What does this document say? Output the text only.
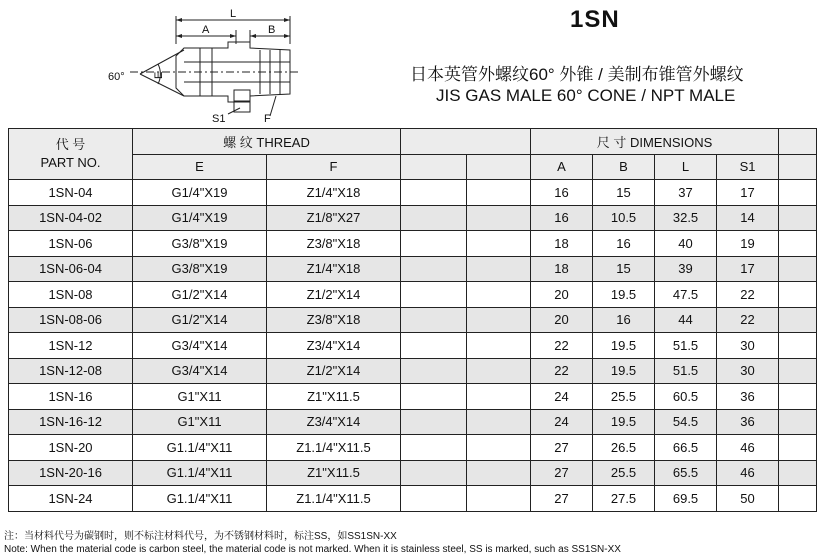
L
A	B
E
60°
S1	F
1SN
日本英管外螺纹60° 外锥 / 美制布锥管外螺纹
JIS GAS MALE 60° CONE / NPT MALE
代 号
PART NO.	螺 纹 THREAD				尺 寸 DIMENSIONS				
	E	F			A	B	L	S1	
1SN-04	G1/4"X19	Z1/4"X18			16	15	37	17	
1SN-04-02	G1/4"X19	Z1/8"X27			16	10.5	32.5	14	
1SN-06	G3/8"X19	Z3/8"X18			18	16	40	19	
1SN-06-04	G3/8"X19	Z1/4"X18			18	15	39	17	
1SN-08	G1/2"X14	Z1/2"X14			20	19.5	47.5	22	
1SN-08-06	G1/2"X14	Z3/8"X18			20	16	44	22	
1SN-12	G3/4"X14	Z3/4"X14			22	19.5	51.5	30	
1SN-12-08	G3/4"X14	Z1/2"X14			22	19.5	51.5	30	
1SN-16	G1"X11	Z1"X11.5			24	25.5	60.5	36	
1SN-16-12	G1"X11	Z3/4"X14			24	19.5	54.5	36	
1SN-20	G1.1/4"X11	Z1.1/4"X11.5			27	26.5	66.5	46	
1SN-20-16	G1.1/4"X11	Z1"X11.5			27	25.5	65.5	46	
1SN-24	G1.1/4"X11	Z1.1/4"X11.5			27	27.5	69.5	50	
注：当材料代号为碳钢时，则不标注材料代号，为不锈钢材料时，标注SS，如SS1SN-XX
Note: When the material code is carbon steel, the material code is not marked. When it is stainless steel, SS is marked, such as SS1SN-XX
